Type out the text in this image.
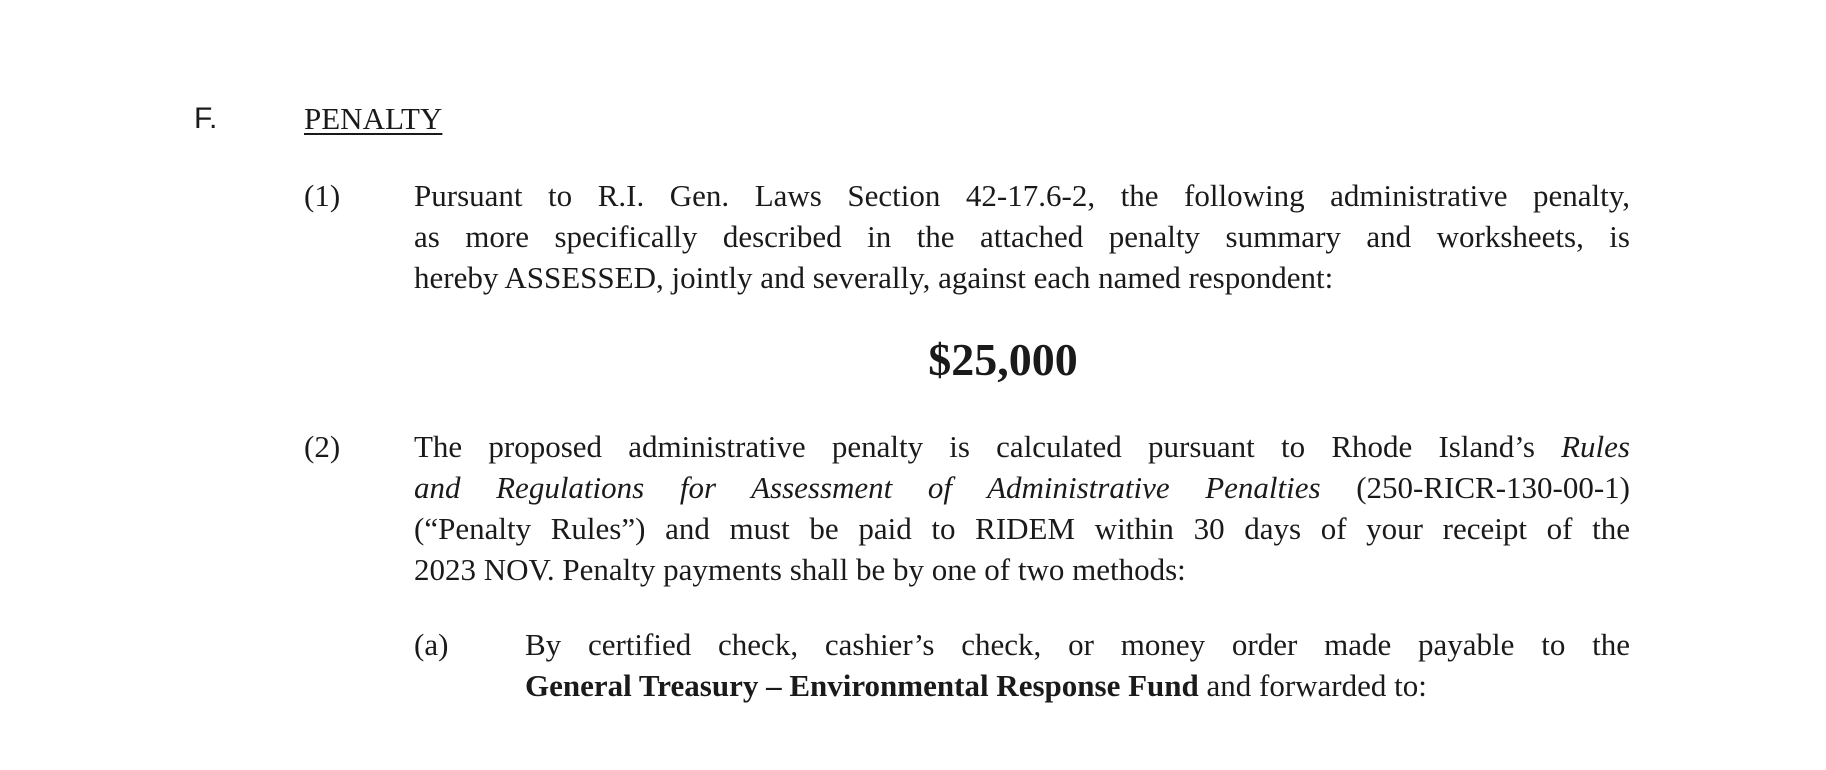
F.	PENALTY
(1) Pursuant to R.I. Gen. Laws Section 42-17.6-2, the following administrative penalty,
as more specifically described in the attached penalty summary and worksheets, is
hereby ASSESSED, jointly and severally, against each named respondent:
$25,000
(2) The proposed administrative penalty is calculated pursuant to Rhode Island’s Rules
and Regulations for Assessment of Administrative Penalties (250-RICR-130-00-1)
(“Penalty Rules”) and must be paid to RIDEM within 30 days of your receipt of the
2023 NOV. Penalty payments shall be by one of two methods:
(a) By certified check, cashier’s check, or money order made payable to the
General Treasury – Environmental Response Fund and forwarded to:
